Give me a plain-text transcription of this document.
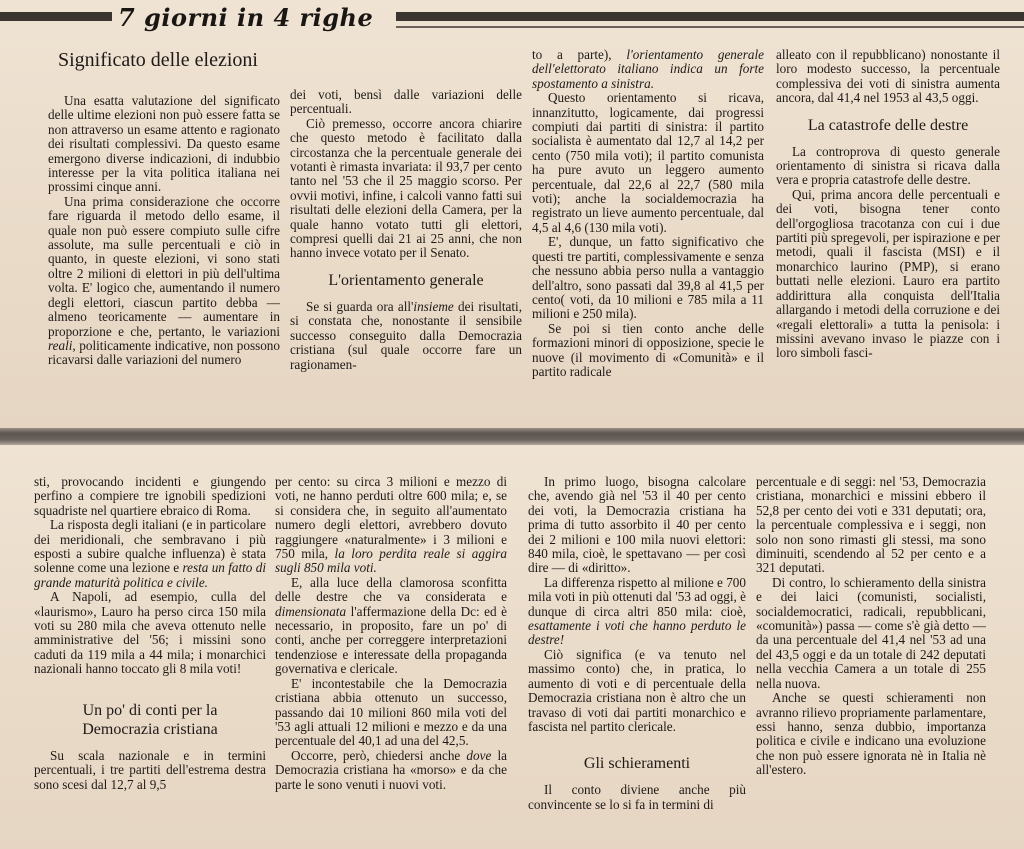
7 giorni in 4 righe
Significato delle elezioni

Una esatta valutazione del significato delle ultime elezioni non può essere fatta se non attraverso un esame attento e ragionato dei risultati complessivi. Da questo esame emergono diverse indicazioni, di indubbio interesse per la vita politica italiana nei prossimi cinque anni.

Una prima considerazione che occorre fare riguarda il metodo dello esame, il quale non può essere compiuto sulle cifre assolute, ma sulle percentuali e ciò in quanto, in queste elezioni, vi sono stati oltre 2 milioni di elettori in più dell'ultima volta. E' logico che, aumentando il numero degli elettori, ciascun partito debba — almeno teoricamente — aumentare in proporzione e che, pertanto, le variazioni reali, politicamente indicative, non possono ricavarsi dalle variazioni del numero

dei voti, bensì dalle variazioni delle percentuali.

Ciò premesso, occorre ancora chiarire che questo metodo è facilitato dalla circostanza che la percentuale generale dei votanti è rimasta invariata: il 93,7 per cento tanto nel '53 che il 25 maggio scorso. Per ovvii motivi, infine, i calcoli vanno fatti sui risultati delle elezioni della Camera, per la quale hanno votato tutti gli elettori, compresi quelli dai 21 ai 25 anni, che non hanno invece votato per il Senato.

L'orientamento generale

Se si guarda ora all'insieme dei risultati, si constata che, nonostante il sensibile successo conseguito dalla Democrazia cristiana (sul quale occorre fare un ragionamen-

to a parte), l'orientamento generale dell'elettorato italiano indica un forte spostamento a sinistra.

Questo orientamento si ricava, innanzitutto, logicamente, dai progressi compiuti dai partiti di sinistra: il partito socialista è aumentato dal 12,7 al 14,2 per cento (750 mila voti); il partito comunista ha pure avuto un leggero aumento percentuale, dal 22,6 al 22,7 (580 mila voti); anche la socialdemocrazia ha registrato un lieve aumento percentuale, dal 4,5 al 4,6 (130 mila voti).

E', dunque, un fatto significativo che questi tre partiti, complessivamente e senza che nessuno abbia perso nulla a vantaggio dell'altro, sono passati dal 39,8 al 41,5 per cento( voti, da 10 milioni e 785 mila a 11 milioni e 250 mila).

Se poi si tien conto anche delle formazioni minori di opposizione, specie le nuove (il movimento di «Comunità» e il partito radicale

alleato con il repubblicano) nonostante il loro modesto successo, la percentuale complessiva dei voti di sinistra aumenta ancora, dal 41,4 nel 1953 al 43,5 oggi.

La catastrofe delle destre

La controprova di questo generale orientamento di sinistra si ricava dalla vera e propria catastrofe delle destre.

Qui, prima ancora delle percentuali e dei voti, bisogna tener conto dell'orgogliosa tracotanza con cui i due partiti più spregevoli, per ispirazione e per metodi, quali il fascista (MSI) e il monarchico laurino (PMP), si erano buttati nelle elezioni. Lauro era partito addirittura alla conquista dell'Italia allargando i metodi della corruzione e dei «regali elettorali» a tutta la penisola: i missini avevano invaso le piazze con i loro simboli fasci-

sti, provocando incidenti e giungendo perfino a compiere tre ignobili spedizioni squadriste nel quartiere ebraico di Roma.

La risposta degli italiani (e in particolare dei meridionali, che sembravano i più esposti a subire qualche influenza) è stata solenne come una lezione e resta un fatto di grande maturità politica e civile.

A Napoli, ad esempio, culla del «laurismo», Lauro ha perso circa 150 mila voti su 280 mila che aveva ottenuto nelle amministrative del '56; i missini sono caduti da 119 mila a 44 mila; i monarchici nazionali hanno toccato gli 8 mila voti!

Un po' di conti per la
Democrazia cristiana

Su scala nazionale e in termini percentuali, i tre partiti dell'estrema destra sono scesi dal 12,7 al 9,5

per cento: su circa 3 milioni e mezzo di voti, ne hanno perduti oltre 600 mila; e, se si considera che, in seguito all'aumentato numero degli elettori, avrebbero dovuto raggiungere «naturalmente» i 3 milioni e 750 mila, la loro perdita reale si aggira sugli 850 mila voti.

E, alla luce della clamorosa sconfitta delle destre che va considerata e dimensionata l'affermazione della Dc: ed è necessario, in proposito, fare un po' di conti, anche per correggere interpretazioni tendenziose e interessate della propaganda governativa e clericale.

E' incontestabile che la Democrazia cristiana abbia ottenuto un successo, passando dai 10 milioni 860 mila voti del '53 agli attuali 12 milioni e mezzo e da una percentuale del 40,1 ad una del 42,5.

Occorre, però, chiedersi anche dove la Democrazia cristiana ha «morso» e da che parte le sono venuti i nuovi voti.

In primo luogo, bisogna calcolare che, avendo già nel '53 il 40 per cento dei voti, la Democrazia cristiana ha prima di tutto assorbito il 40 per cento dei 2 milioni e 100 mila nuovi elettori: 840 mila, cioè, le spettavano — per così dire — di «diritto».

La differenza rispetto al milione e 700 mila voti in più ottenuti dal '53 ad oggi, è dunque di circa altri 850 mila: cioè, esattamente i voti che hanno perduto le destre!

Ciò significa (e va tenuto nel massimo conto) che, in pratica, lo aumento di voti e di percentuale della Democrazia cristiana non è altro che un travaso di voti dai partiti monarchico e fascista nel partito clericale.

Gli schieramenti

Il conto diviene anche più convincente se lo si fa in termini di

percentuale e di seggi: nel '53, Democrazia cristiana, monarchici e missini ebbero il 52,8 per cento dei voti e 331 deputati; ora, la percentuale complessiva e i seggi, non solo non sono rimasti gli stessi, ma sono diminuiti, scendendo al 52 per cento e a 321 deputati.

Di contro, lo schieramento della sinistra e dei laici (comunisti, socialisti, socialdemocratici, radicali, repubblicani, «comunità») passa — come s'è già detto — da una percentuale del 41,4 nel '53 ad una del 43,5 oggi e da un totale di 242 deputati nella vecchia Camera a un totale di 255 nella nuova.

Anche se questi schieramenti non avranno rilievo propriamente parlamentare, essi hanno, senza dubbio, importanza politica e civile e indicano una evoluzione che non può essere ignorata nè in Italia nè all'estero.
